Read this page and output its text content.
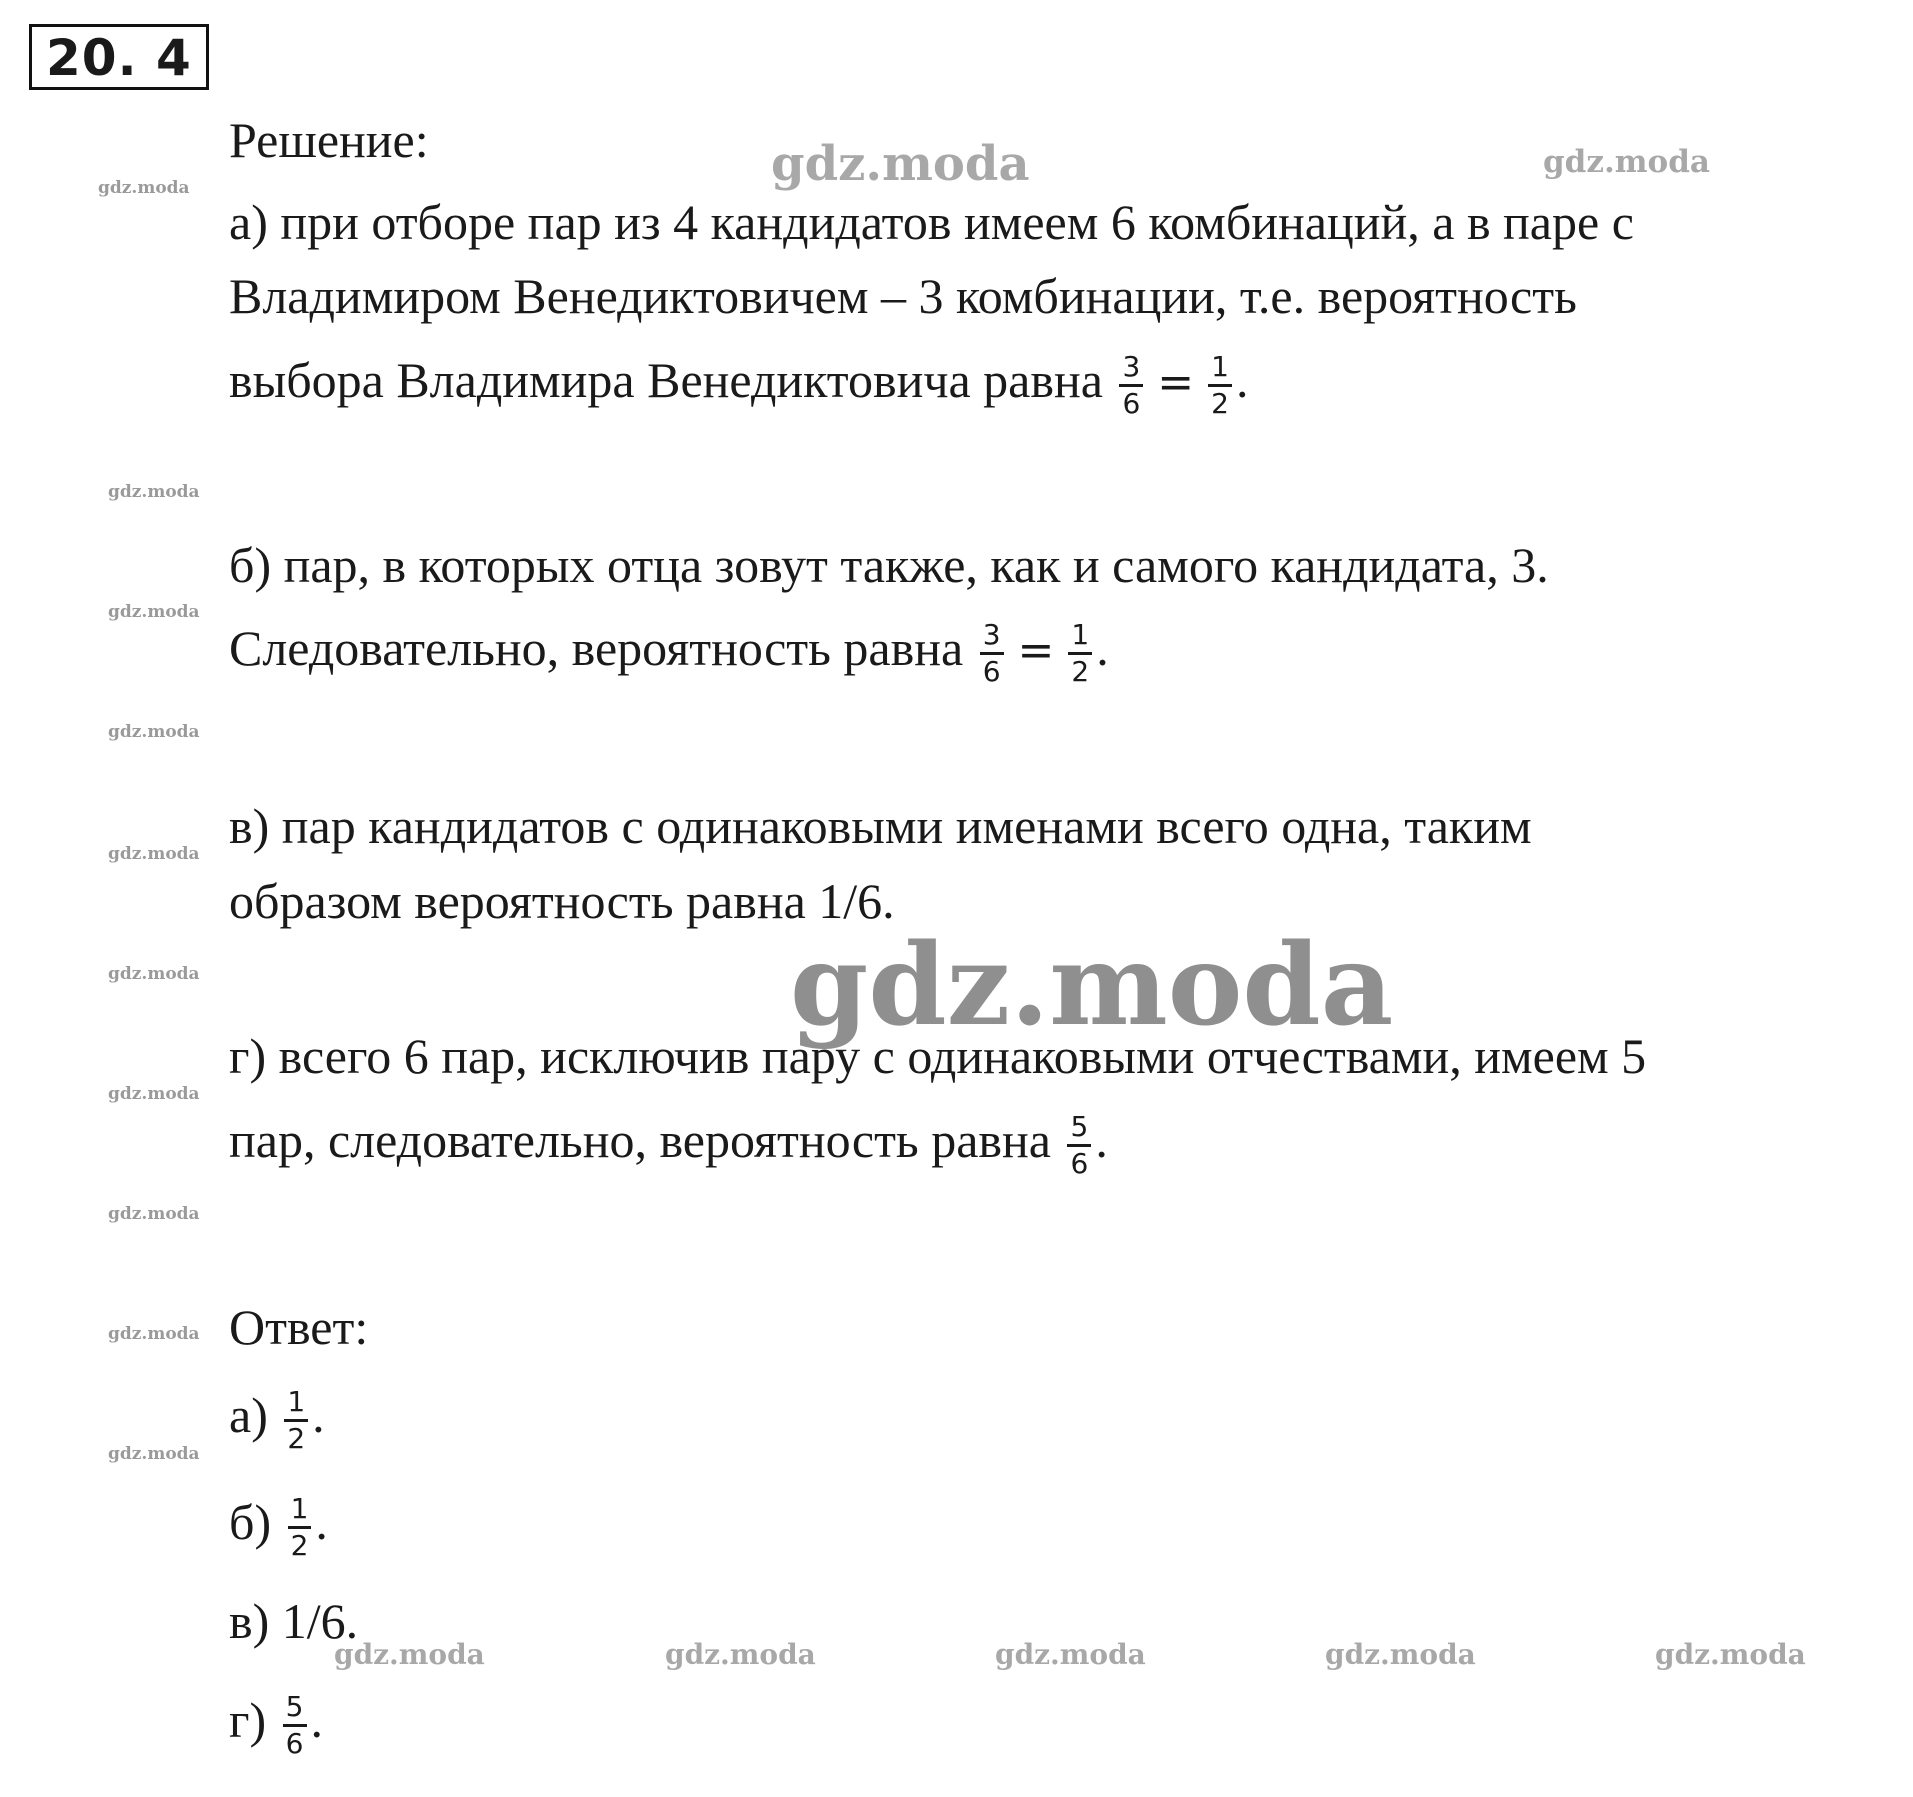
20. 4
Решение:
а) при отборе пар из 4 кандидатов имеем 6 комбинаций, а в паре с
Владимиром Венедиктовичем – 3 комбинации, т.е. вероятность
выбора Владимира Венедиктовича равна $\frac{3}{6} = \frac{1}{2}$ .
б) пар, в которых отца зовут также, как и самого кандидата, 3.
Следовательно, вероятность равна $\frac{3}{6} = \frac{1}{2}$ .
в) пар кандидатов с одинаковыми именами всего одна, таким
образом вероятность равна 1/6.
г) всего 6 пар, исключив пару с одинаковыми отчествами, имеем 5
пар, следовательно, вероятность равна $\frac{5}{6}$ .
Ответ:
$а) \frac{1}{2}$ .
$б) \frac{1}{2}$ .
в) 1/6.
$г) \frac{5}{6}$ .
gdz.moda	gdz.moda	gdz.moda
gdz.moda
gdz.moda
gdz.moda
gdz.moda
gdz.moda	gdz.moda
gdz.moda
gdz.moda
gdz.moda
gdz.moda
gdz.moda	gdz.moda	gdz.moda	gdz.moda	gdz.moda
